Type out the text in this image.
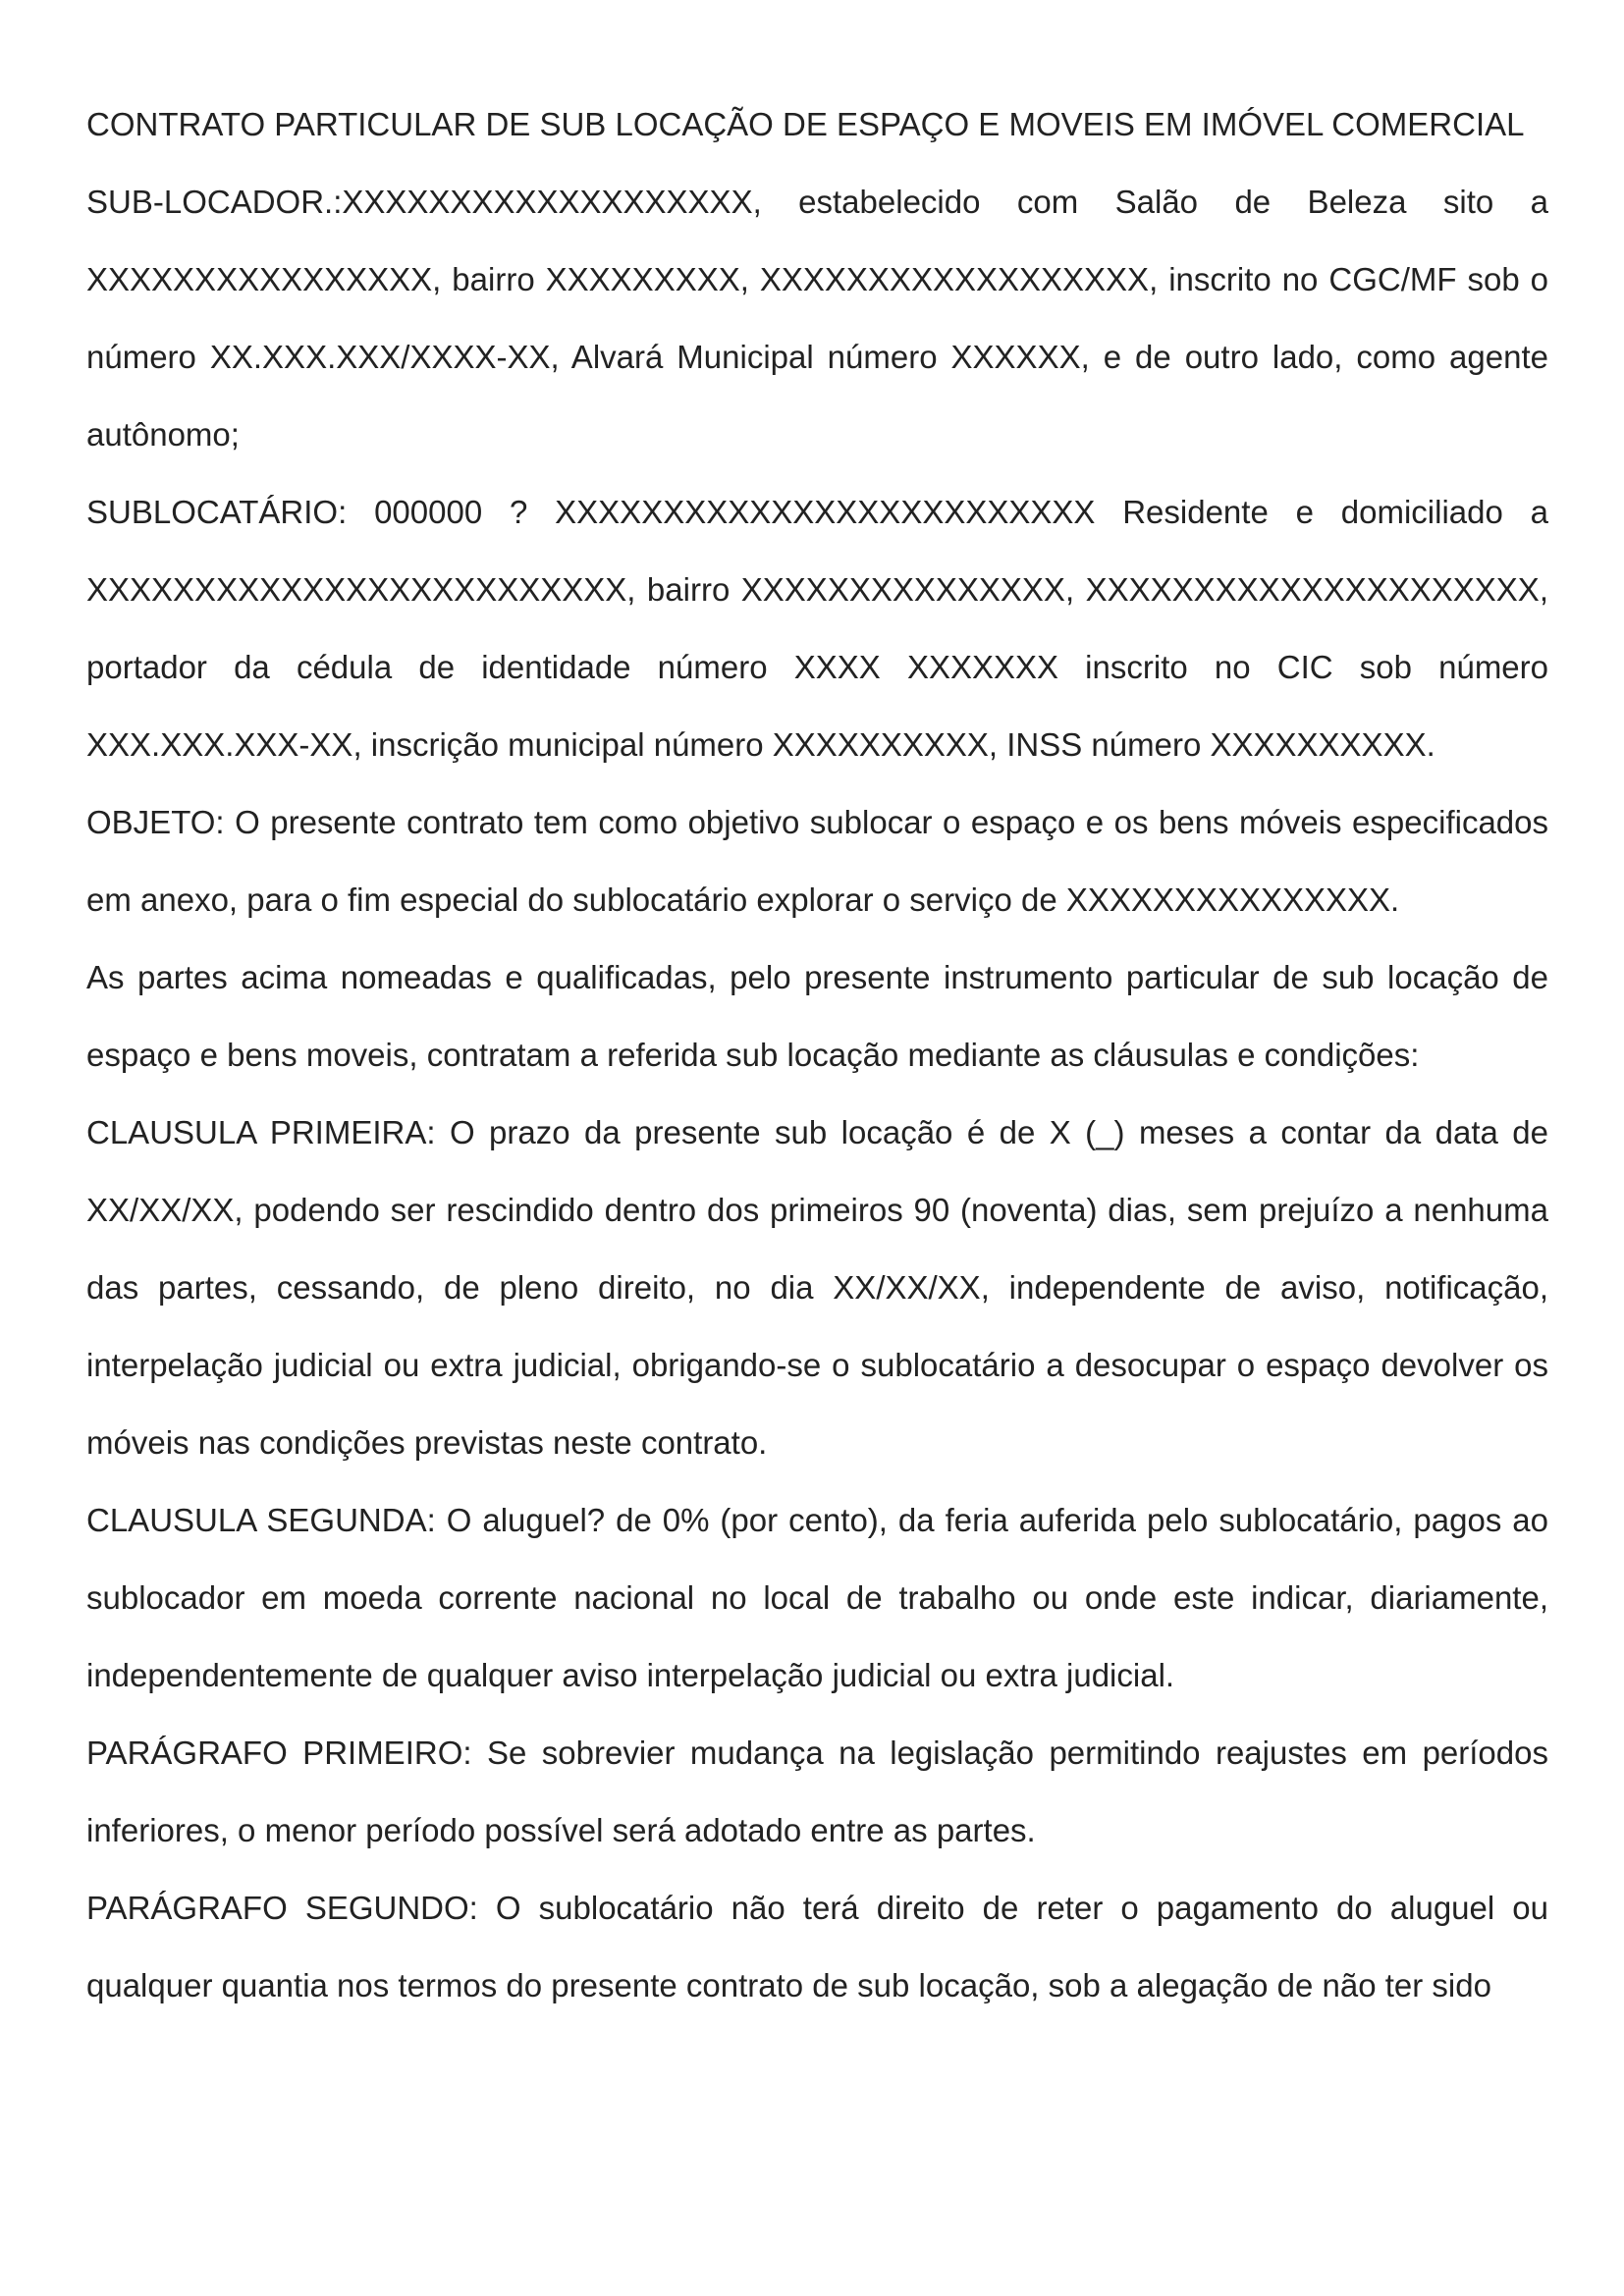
CONTRATO PARTICULAR DE SUB LOCAÇÃO DE ESPAÇO E MOVEIS EM IMÓVEL COMERCIAL

SUB-LOCADOR.:XXXXXXXXXXXXXXXXXXX, estabelecido com Salão de Beleza sito a XXXXXXXXXXXXXXXX, bairro XXXXXXXXX, XXXXXXXXXXXXXXXXXX, inscrito no CGC/MF sob o número XX.XXX.XXX/XXXX-XX, Alvará Municipal número XXXXXX, e de outro lado, como agente autônomo;

SUBLOCATÁRIO: 000000 ? XXXXXXXXXXXXXXXXXXXXXXXXX Residente e domiciliado a XXXXXXXXXXXXXXXXXXXXXXXXX, bairro XXXXXXXXXXXXXXX, XXXXXXXXXXXXXXXXXXXXX, portador da cédula de identidade número XXXX XXXXXXX inscrito no CIC sob número XXX.XXX.XXX-XX, inscrição municipal número XXXXXXXXXX, INSS número XXXXXXXXXX.

OBJETO: O presente contrato tem como objetivo sublocar o espaço e os bens móveis especificados em anexo, para o fim especial do sublocatário explorar o serviço de XXXXXXXXXXXXXXX.

As partes acima nomeadas e qualificadas, pelo presente instrumento particular de sub locação de espaço e bens moveis, contratam a referida sub locação mediante as cláusulas e condições:

CLAUSULA PRIMEIRA: O prazo da presente sub locação é de X (_) meses a contar da data de XX/XX/XX, podendo ser rescindido dentro dos primeiros 90 (noventa) dias, sem prejuízo a nenhuma das partes, cessando, de pleno direito, no dia XX/XX/XX, independente de aviso, notificação, interpelação judicial ou extra judicial, obrigando-se o sublocatário a desocupar o espaço devolver os móveis nas condições previstas neste contrato.

CLAUSULA SEGUNDA: O aluguel? de 0% (por cento), da feria auferida pelo sublocatário, pagos ao sublocador em moeda corrente nacional no local de trabalho ou onde este indicar, diariamente, independentemente de qualquer aviso interpelação judicial ou extra judicial.

PARÁGRAFO PRIMEIRO: Se sobrevier mudança na legislação permitindo reajustes em períodos inferiores, o menor período possível será adotado entre as partes.

PARÁGRAFO SEGUNDO: O sublocatário não terá direito de reter o pagamento do aluguel ou qualquer quantia nos termos do presente contrato de sub locação, sob a alegação de não ter sido
